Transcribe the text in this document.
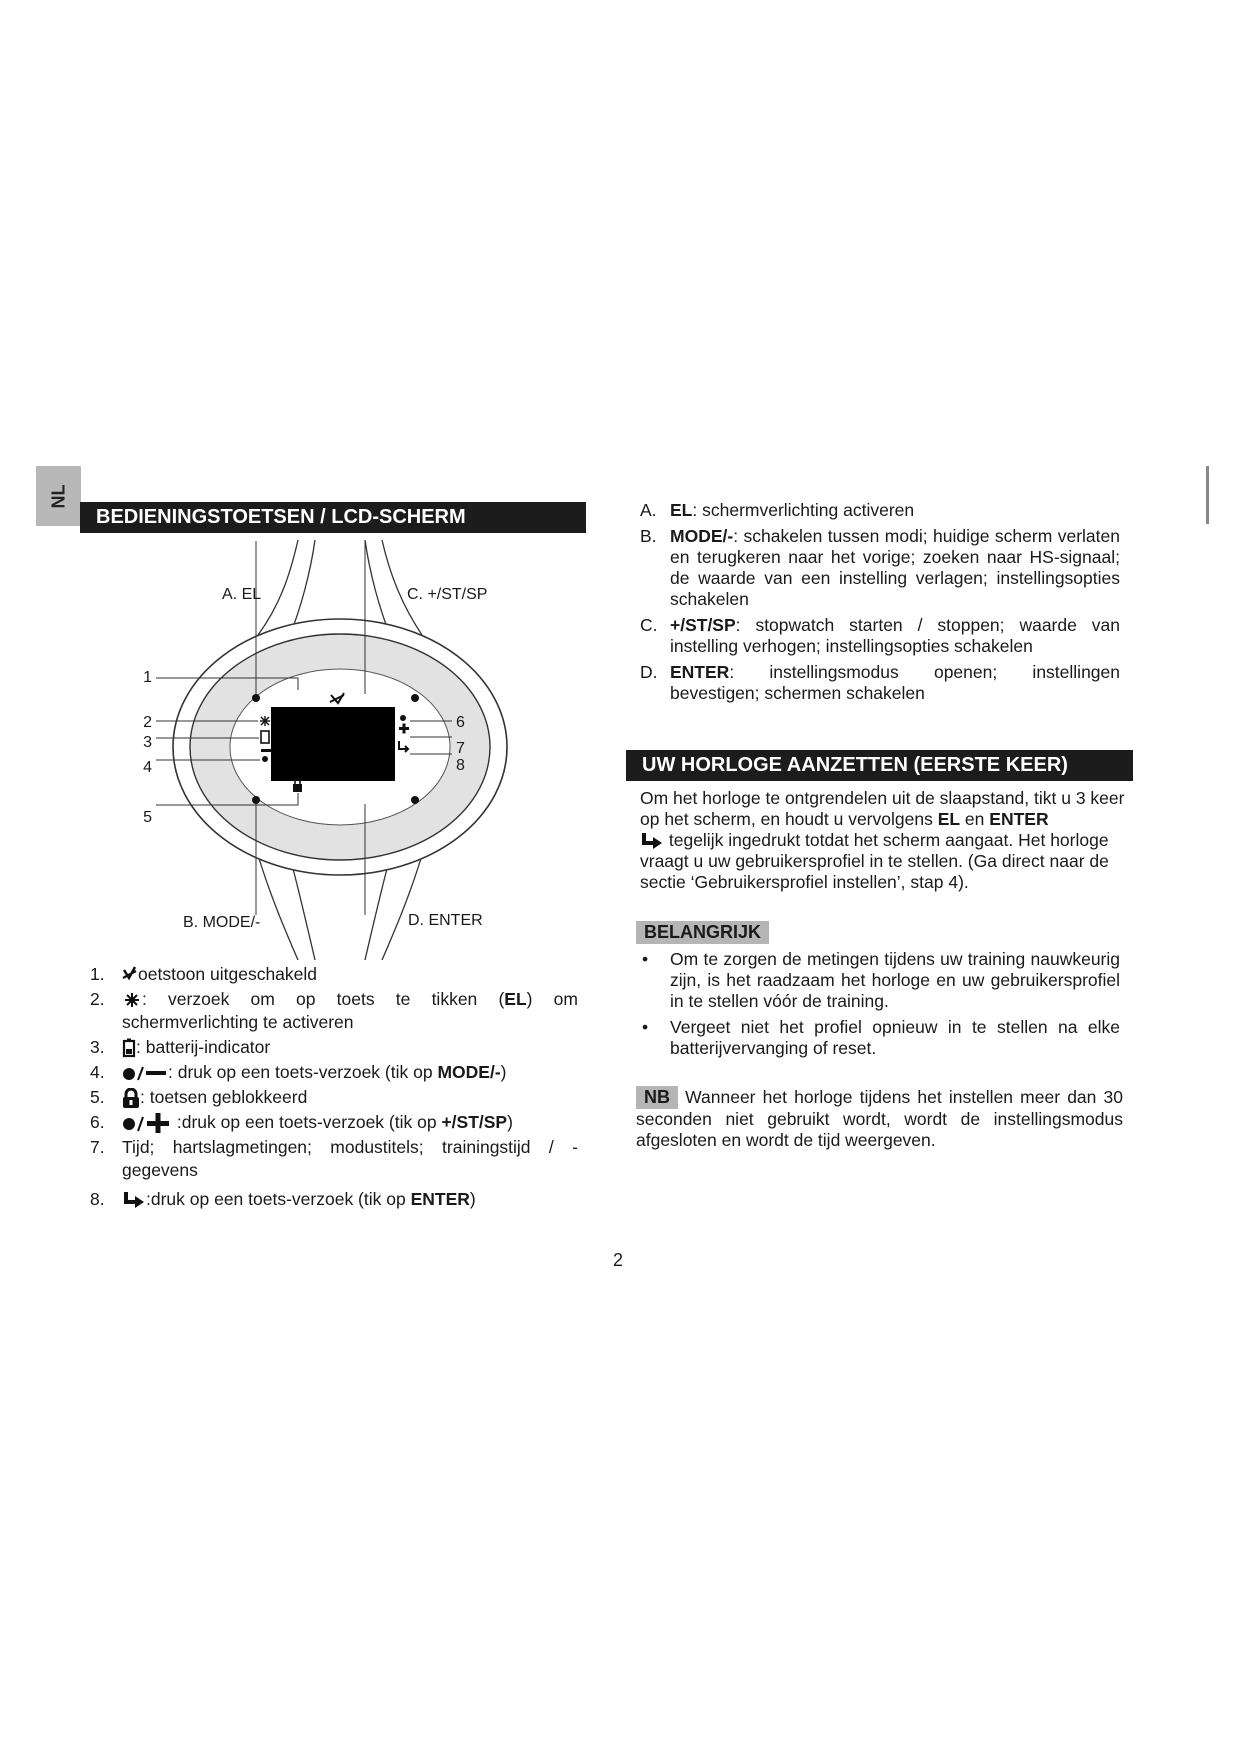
NL
BEDIENINGSTOETSEN / LCD-SCHERM
A. EL	C. +/ST/SP
B. MODE/-	D. ENTER
1
2
3
4
5
6
7
8
1. oetstoon uitgeschakeld
2. : verzoek om op toets te tikken (EL) om schermverlichting te activeren
3. : batterij-indicator
4.	: druk op een toets-verzoek (tik op MODE/-)
5. : toetsen geblokkeerd
6.	:druk op een toets-verzoek (tik op +/ST/SP)
7. Tijd; hartslagmetingen; modustitels; trainingstijd / -gegevens
8. :druk op een toets-verzoek (tik op ENTER)
A. EL: schermverlichting activeren
B. MODE/-: schakelen tussen modi; huidige scherm verlaten en terugkeren naar het vorige; zoeken naar HS-signaal; de waarde van een instelling verlagen; instellingsopties schakelen
C. +/ST/SP: stopwatch starten / stoppen; waarde van instelling verhogen; instellingsopties schakelen
D. ENTER: instellingsmodus openen; instellingen bevestigen; schermen schakelen
UW HORLOGE AANZETTEN (EERSTE KEER)
Om het horloge te ontgrendelen uit de slaapstand, tikt u 3 keer op het scherm, en houdt u vervolgens EL en ENTER
tegelijk ingedrukt totdat het scherm aangaat. Het horloge vraagt u uw gebruikersprofiel in te stellen. (Ga direct naar de sectie ‘Gebruikersprofiel instellen’, stap 4).
BELANGRIJK
• Om te zorgen de metingen tijdens uw training nauwkeurig zijn, is het raadzaam het horloge en uw gebruikersprofiel in te stellen vóór de training.
• Vergeet niet het profiel opnieuw in te stellen na elke batterijvervanging of reset.
NB Wanneer het horloge tijdens het instellen meer dan 30 seconden niet gebruikt wordt, wordt de instellingsmodus afgesloten en wordt de tijd weergeven.
2
